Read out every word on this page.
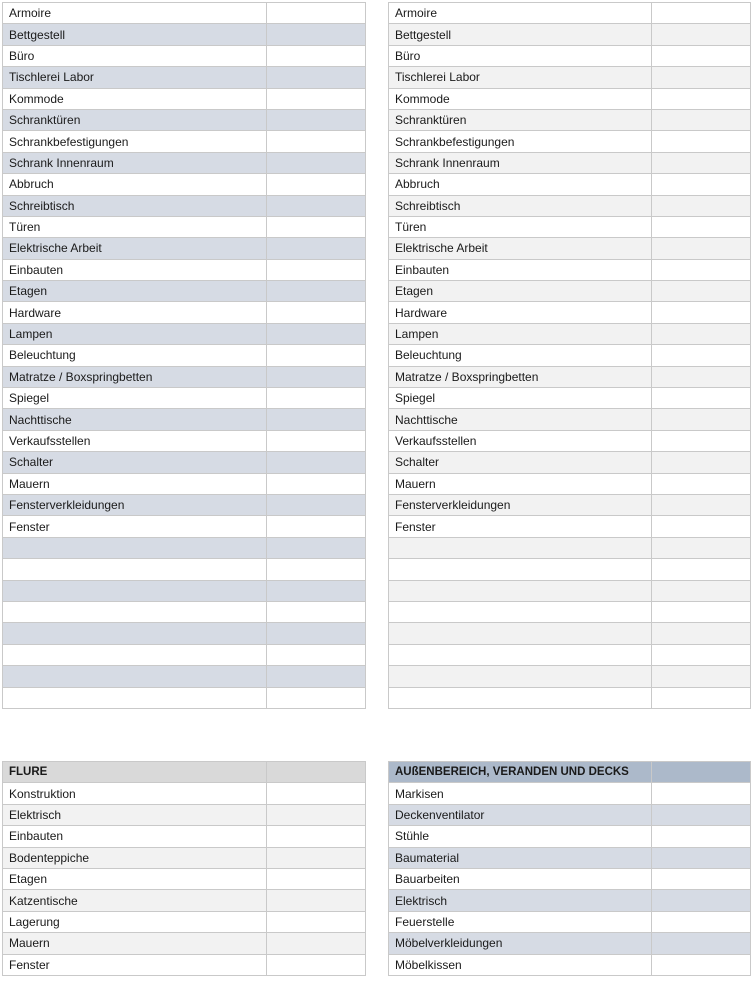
Armoire	
Bettgestell	
Büro	
Tischlerei Labor	
Kommode	
Schranktüren	
Schrankbefestigungen	
Schrank Innenraum	
Abbruch	
Schreibtisch	
Türen	
Elektrische Arbeit	
Einbauten	
Etagen	
Hardware	
Lampen	
Beleuchtung	
Matratze / Boxspringbetten	
Spiegel	
Nachttische	
Verkaufsstellen	
Schalter	
Mauern	
Fensterverkleidungen	
Fenster	

Armoire	
Bettgestell	
Büro	
Tischlerei Labor	
Kommode	
Schranktüren	
Schrankbefestigungen	
Schrank Innenraum	
Abbruch	
Schreibtisch	
Türen	
Elektrische Arbeit	
Einbauten	
Etagen	
Hardware	
Lampen	
Beleuchtung	
Matratze / Boxspringbetten	
Spiegel	
Nachttische	
Verkaufsstellen	
Schalter	
Mauern	
Fensterverkleidungen	
Fenster	

FLURE	
Konstruktion	
Elektrisch	
Einbauten	
Bodenteppiche	
Etagen	
Katzentische	
Lagerung	
Mauern	
Fenster	
AUßENBEREICH, VERANDEN UND DECKS	
Markisen	
Deckenventilator	
Stühle	
Baumaterial	
Bauarbeiten	
Elektrisch	
Feuerstelle	
Möbelverkleidungen	
Möbelkissen	
